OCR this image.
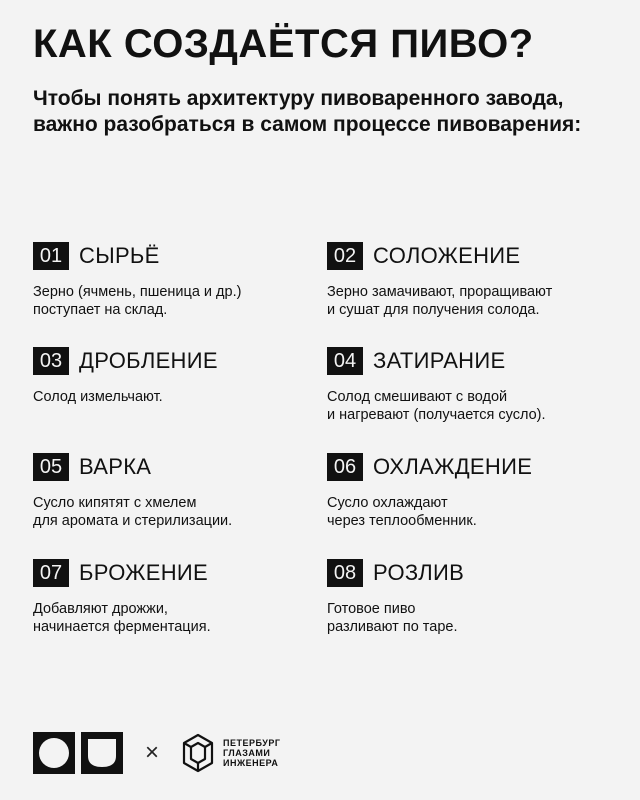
КАК СОЗДАЁТСЯ ПИВО?

Чтобы понять архитектуру пивоваренного завода, важно разобраться в самом процессе пивоварения:

01 СЫРЬЁ
Зерно (ячмень, пшеница и др.)
поступает на склад.
02 СОЛОЖЕНИЕ
Зерно замачивают, проращивают
и сушат для получения солода.
03 ДРОБЛЕНИЕ
Солод измельчают.
04 ЗАТИРАНИЕ
Солод смешивают с водой
и нагревают (получается сусло).
05 ВАРКА
Сусло кипятят с хмелем
для аромата и стерилизации.
06 ОХЛАЖДЕНИЕ
Сусло охлаждают
через теплообменник.
07 БРОЖЕНИЕ
Добавляют дрожжи,
начинается ферментация.
08 РОЗЛИВ
Готовое пиво
разливают по таре.
×	ПЕТЕРБУРГ
ГЛАЗАМИ
ИНЖЕНЕРА
